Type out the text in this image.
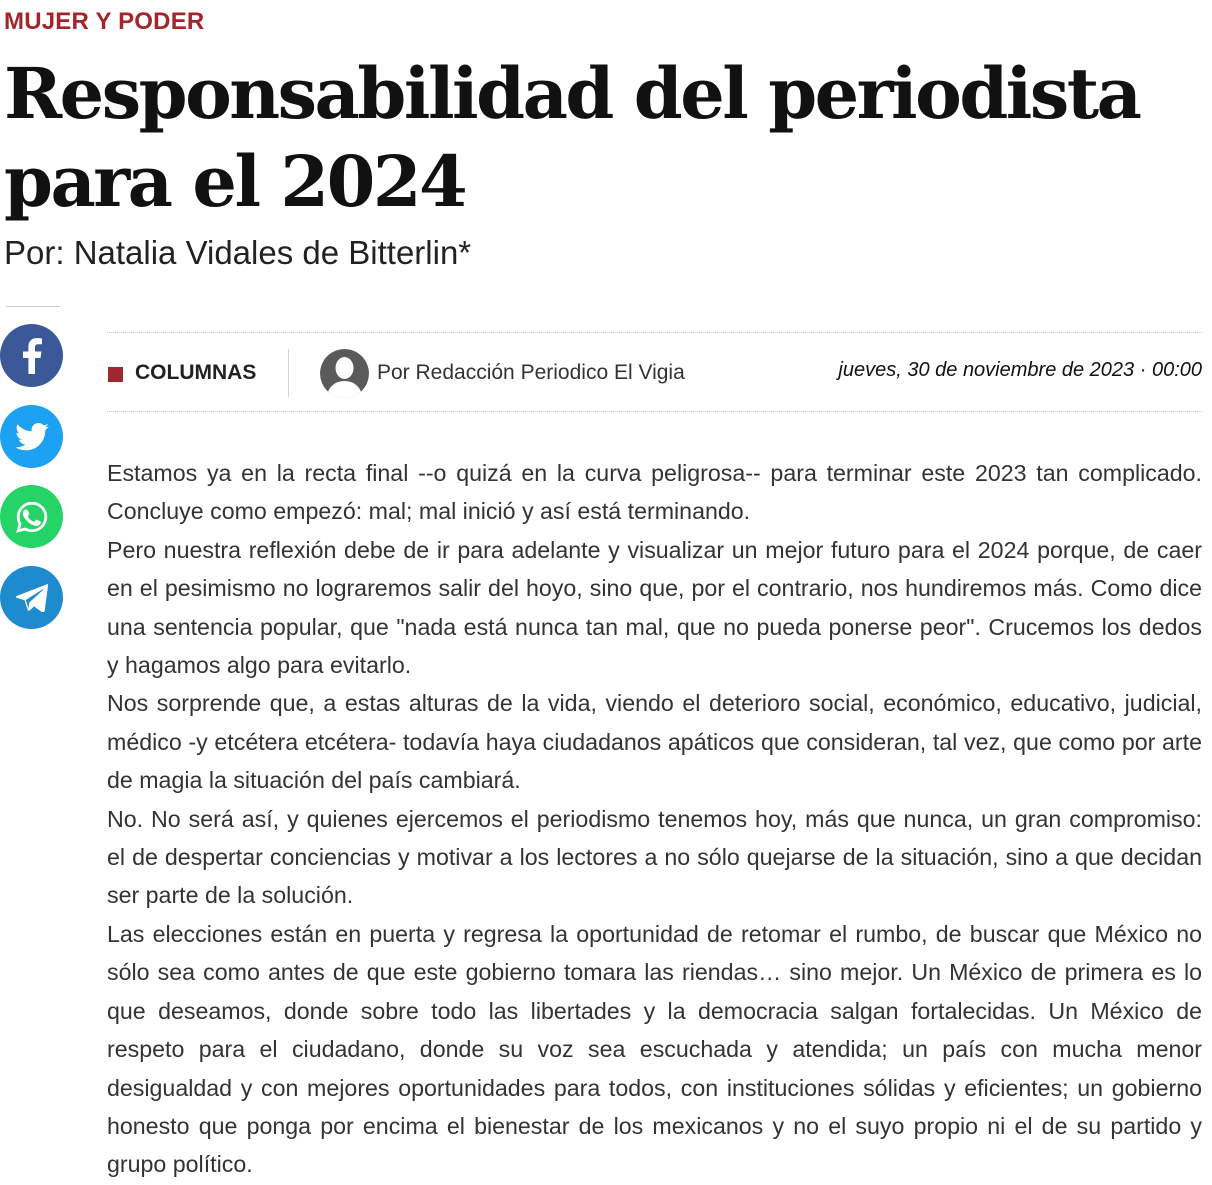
MUJER Y PODER
Responsabilidad del periodista para el 2024
Por: Natalia Vidales de Bitterlin*
COLUMNAS	Por Redacción Periodico El Vigia	jueves, 30 de noviembre de 2023 · 00:00

Estamos ya en la recta final --o quizá en la curva peligrosa-- para terminar este 2023 tan complicado. Concluye como empezó: mal; mal inició y así está terminando.

Pero nuestra reflexión debe de ir para adelante y visualizar un mejor futuro para el 2024 porque, de caer en el pesimismo no lograremos salir del hoyo, sino que, por el contrario, nos hundiremos más. Como dice una sentencia popular, que "nada está nunca tan mal, que no pueda ponerse peor". Crucemos los dedos y hagamos algo para evitarlo.

Nos sorprende que, a estas alturas de la vida, viendo el deterioro social, económico, educativo, judicial, médico -y etcétera etcétera- todavía haya ciudadanos apáticos que consideran, tal vez, que como por arte de magia la situación del país cambiará.

No. No será así, y quienes ejercemos el periodismo tenemos hoy, más que nunca, un gran compromiso: el de despertar conciencias y motivar a los lectores a no sólo quejarse de la situación, sino a que decidan ser parte de la solución.

Las elecciones están en puerta y regresa la oportunidad de retomar el rumbo, de buscar que México no sólo sea como antes de que este gobierno tomara las riendas… sino mejor. Un México de primera es lo que deseamos, donde sobre todo las libertades y la democracia salgan fortalecidas. Un México de respeto para el ciudadano, donde su voz sea escuchada y atendida; un país con mucha menor desigualdad y con mejores oportunidades para todos, con instituciones sólidas y eficientes; un gobierno honesto que ponga por encima el bienestar de los mexicanos y no el suyo propio ni el de su partido y grupo político.
